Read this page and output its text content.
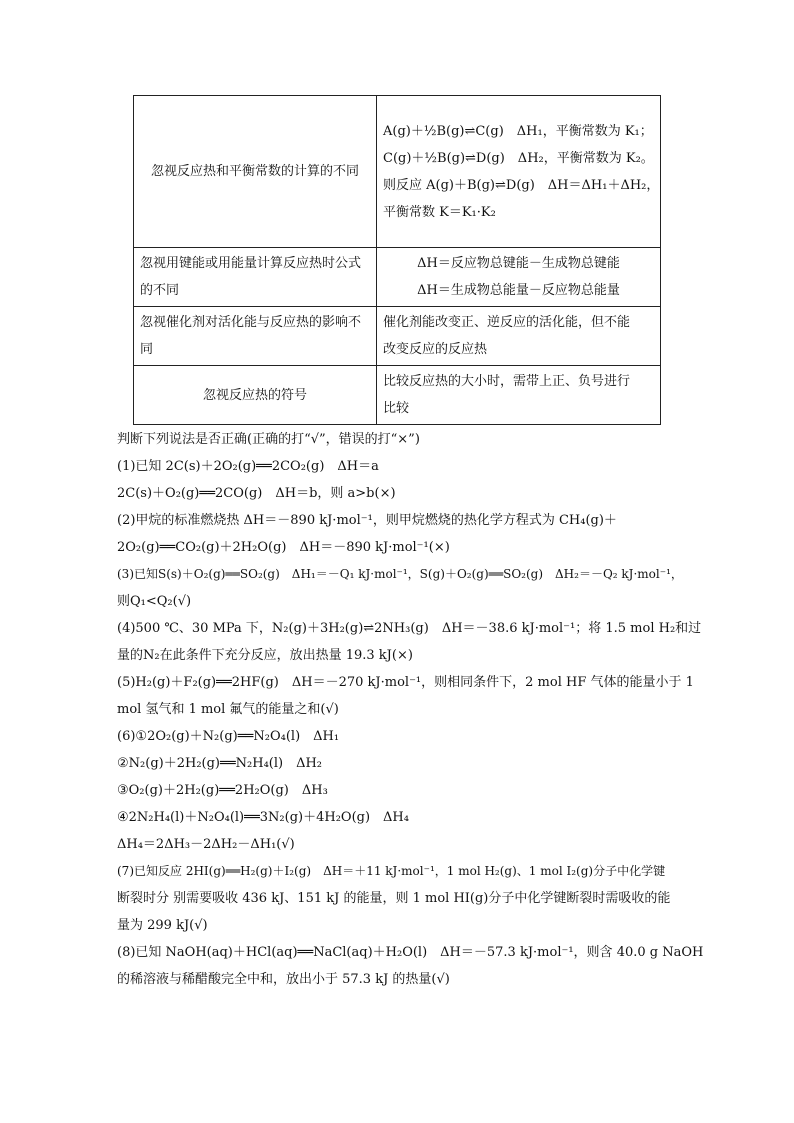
忽视反应热和平衡常数的计算的不同	A(g)＋½B(g)⇌C(g)　ΔH₁，平衡常数为 K₁；
C(g)＋½B(g)⇌D(g)　ΔH₂，平衡常数为 K₂。
则反应 A(g)＋B(g)⇌D(g)　ΔH＝ΔH₁＋ΔH₂，
平衡常数 K＝K₁·K₂

忽视用键能或用能量计算反应热时公式的不同	ΔH＝反应物总键能－生成物总键能
ΔH＝生成物总能量－反应物总能量

忽视催化剂对活化能与反应热的影响不同	催化剂能改变正、逆反应的活化能，但不能
改变反应的反应热

忽视反应热的符号	比较反应热的大小时，需带上正、负号进行
比较

判断下列说法是否正确(正确的打“√”，错误的打“×”)

(1)已知 2C(s)＋2O₂(g)══2CO₂(g)　ΔH＝a

2C(s)＋O₂(g)══2CO(g)　ΔH＝b，则 a>b(×)

(2)甲烷的标准燃烧热 ΔH＝－890 kJ·mol⁻¹，则甲烷燃烧的热化学方程式为 CH₄(g)＋

2O₂(g)══CO₂(g)＋2H₂O(g)　ΔH＝－890 kJ·mol⁻¹(×)

(3)已知S(s)＋O₂(g)══SO₂(g)　ΔH₁＝－Q₁ kJ·mol⁻¹，S(g)＋O₂(g)══SO₂(g)　ΔH₂＝－Q₂ kJ·mol⁻¹，

则Q₁<Q₂(√)

(4)500 ℃、30 MPa 下，N₂(g)＋3H₂(g)⇌2NH₃(g)　ΔH＝－38.6 kJ·mol⁻¹；将 1.5 mol H₂和过

量的N₂在此条件下充分反应，放出热量 19.3 kJ(×)

(5)H₂(g)＋F₂(g)══2HF(g)　ΔH＝－270 kJ·mol⁻¹，则相同条件下，2 mol HF 气体的能量小于 1

mol 氢气和 1 mol 氟气的能量之和(√)

(6)①2O₂(g)＋N₂(g)══N₂O₄(l)　ΔH₁

②N₂(g)＋2H₂(g)══N₂H₄(l)　ΔH₂

③O₂(g)＋2H₂(g)══2H₂O(g)　ΔH₃

④2N₂H₄(l)＋N₂O₄(l)══3N₂(g)＋4H₂O(g)　ΔH₄

ΔH₄＝2ΔH₃－2ΔH₂－ΔH₁(√)

(7)已知反应 2HI(g)══H₂(g)＋I₂(g)　ΔH＝＋11 kJ·mol⁻¹，1 mol H₂(g)、1 mol I₂(g)分子中化学键

断裂时分 别需要吸收 436 kJ、151 kJ 的能量，则 1 mol HI(g)分子中化学键断裂时需吸收的能

量为 299 kJ(√)

(8)已知 NaOH(aq)＋HCl(aq)══NaCl(aq)＋H₂O(l)　ΔH＝－57.3 kJ·mol⁻¹，则含 40.0 g NaOH

的稀溶液与稀醋酸完全中和，放出小于 57.3 kJ 的热量(√)
